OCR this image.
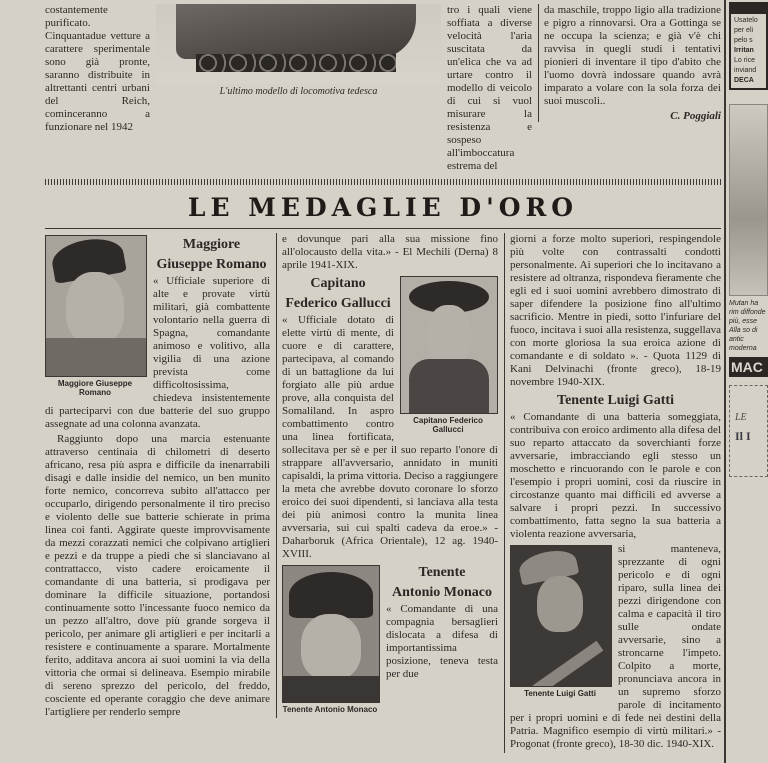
costantemente purificato. Cinquantadue vetture a carattere sperimentale sono già pronte, saranno distribuite in altrettanti centri urbani del Reich, cominceranno a funzionare nel 1942

L'ultimo modello di locomotiva tedesca

tro i quali viene soffiata a diverse velocità l'aria suscitata da un'elica che va ad urtare contro il modello di veicolo di cui si vuol misurare la resistenza e sospeso all'imboccatura estrema del

da maschile, troppo ligio alla tradizione e pigro a rinnovarsi. Ora a Gottinga se ne occupa la scienza; e già v'è chi ravvisa in quegli studi i tentativi pionieri di inventare il tipo d'abito che l'uomo dovrà indossare quando avrà imparato a volare con la sola forza dei suoi muscoli..

C. Poggiali
LE MEDAGLIE D'ORO
Maggiore Giuseppe Romano
Maggiore
Giuseppe Romano

« Ufficiale superiore di alte e provate virtù militari, già combattente volontario nella guerra di Spagna, comandante animoso e volitivo, alla vigilia di una azione prevista come difficoltosissima, chiedeva insistentemente di parteciparvi con due batterie del suo gruppo assegnate ad una colonna avanzata.

Raggiunto dopo una marcia estenuante attraverso centinaia di chilometri di deserto africano, resa più aspra e difficile da inenarrabili disagi e dalle insidie del nemico, un ben munito forte nemico, concorreva subito all'attacco per occuparlo, dirigendo personalmente il tiro preciso e violento delle sue batterie schierate in prima linea coi fanti. Aggirate queste improvvisamente da mezzi corazzati nemici che colpivano artiglieri e pezzi e da truppe a piedi che si slanciavano al contrattacco, visto cadere eroicamente il comandante di una batteria, si prodigava per dominare la difficile situazione, portandosi continuamente sotto l'incessante fuoco nemico da un pezzo all'altro, dove più grande sorgeva il pericolo, per animare gli artiglieri e per incitarli a resistere e continuamente a sparare. Mortalmente ferito, additava ancora ai suoi uomini la via della vittoria che ormai si delineava. Esempio mirabile di sereno sprezzo del pericolo, del freddo, cosciente ed operante coraggio che deve animare l'artigliere per renderlo sempre

e dovunque pari alla sua missione fino all'olocausto della vita.» - El Mechili (Derna) 8 aprile 1941-XIX.

Capitano Federico Gallucci
Capitano
Federico Gallucci

« Ufficiale dotato di elette virtù di mente, di cuore e di carattere, partecipava, al comando di un battaglione da lui forgiato alle più ardue prove, alla conquista del Somaliland. In aspro combattimento contro una linea fortificata, sollecitava per sè e per il suo reparto l'onore di strappare all'avversario, annidato in muniti capisaldi, la prima vittoria. Deciso a raggiungere la meta che avrebbe dovuto coronare lo sforzo eroico dei suoi dipendenti, si lanciava alla testa dei più animosi contro la munita linea avversaria, sui cui spalti cadeva da eroe.» - Daharboruk (Africa Orientale), 12 ag. 1940-XVIII.

Tenente Antonio Monaco
Tenente
Antonio Monaco

« Comandante di una compagnia bersaglieri dislocata a difesa di importantissima posizione, teneva testa per due

giorni a forze molto superiori, respingendole più volte con contrassalti condotti personalmente. Ai superiori che lo incitavano a resistere ad oltranza, rispondeva fieramente che egli ed i suoi uomini avrebbero dimostrato di saper difendere la posizione fino all'ultimo sacrificio. Mentre in piedi, sotto l'infuriare del fuoco, incitava i suoi alla resistenza, suggellava con morte gloriosa la sua eroica azione di comandante e di soldato ». - Quota 1129 di Kani Delvinachi (fronte greco), 18-19 novembre 1940-XIX.

Tenente Luigi Gatti

« Comandante di una batteria someggiata, contribuiva con eroico ardimento alla difesa del suo reparto attaccato da soverchianti forze avversarie, imbracciando egli stesso un moschetto e rincuorando con le parole e con l'esempio i propri uomini, così da riuscire in circostanze quanto mai difficili ed avverse a salvare i propri pezzi. In successivo combattimento, fatta segno la sua batteria a violenta reazione avversaria,

Tenente Luigi Gatti

si manteneva, sprezzante di ogni pericolo e di ogni riparo, sulla linea dei pezzi dirigendone con calma e capacità il tiro sulle ondate avversarie, sino a stroncarne l'impeto. Colpito a morte, pronunciava ancora in un supremo sforzo parole di incitamento per i propri uomini e di fede nei destini della Patria. Magnifico esempio di virtù militari.» - Progonat (fronte greco), 18-30 dic. 1940-XIX.

Usatelo
per eli
pelo s
Irritan
Lo rice
inviand
DECA
Mutan ha rim diffonde più, esse Alla so di antic moderna
MAC
LE
Il I
